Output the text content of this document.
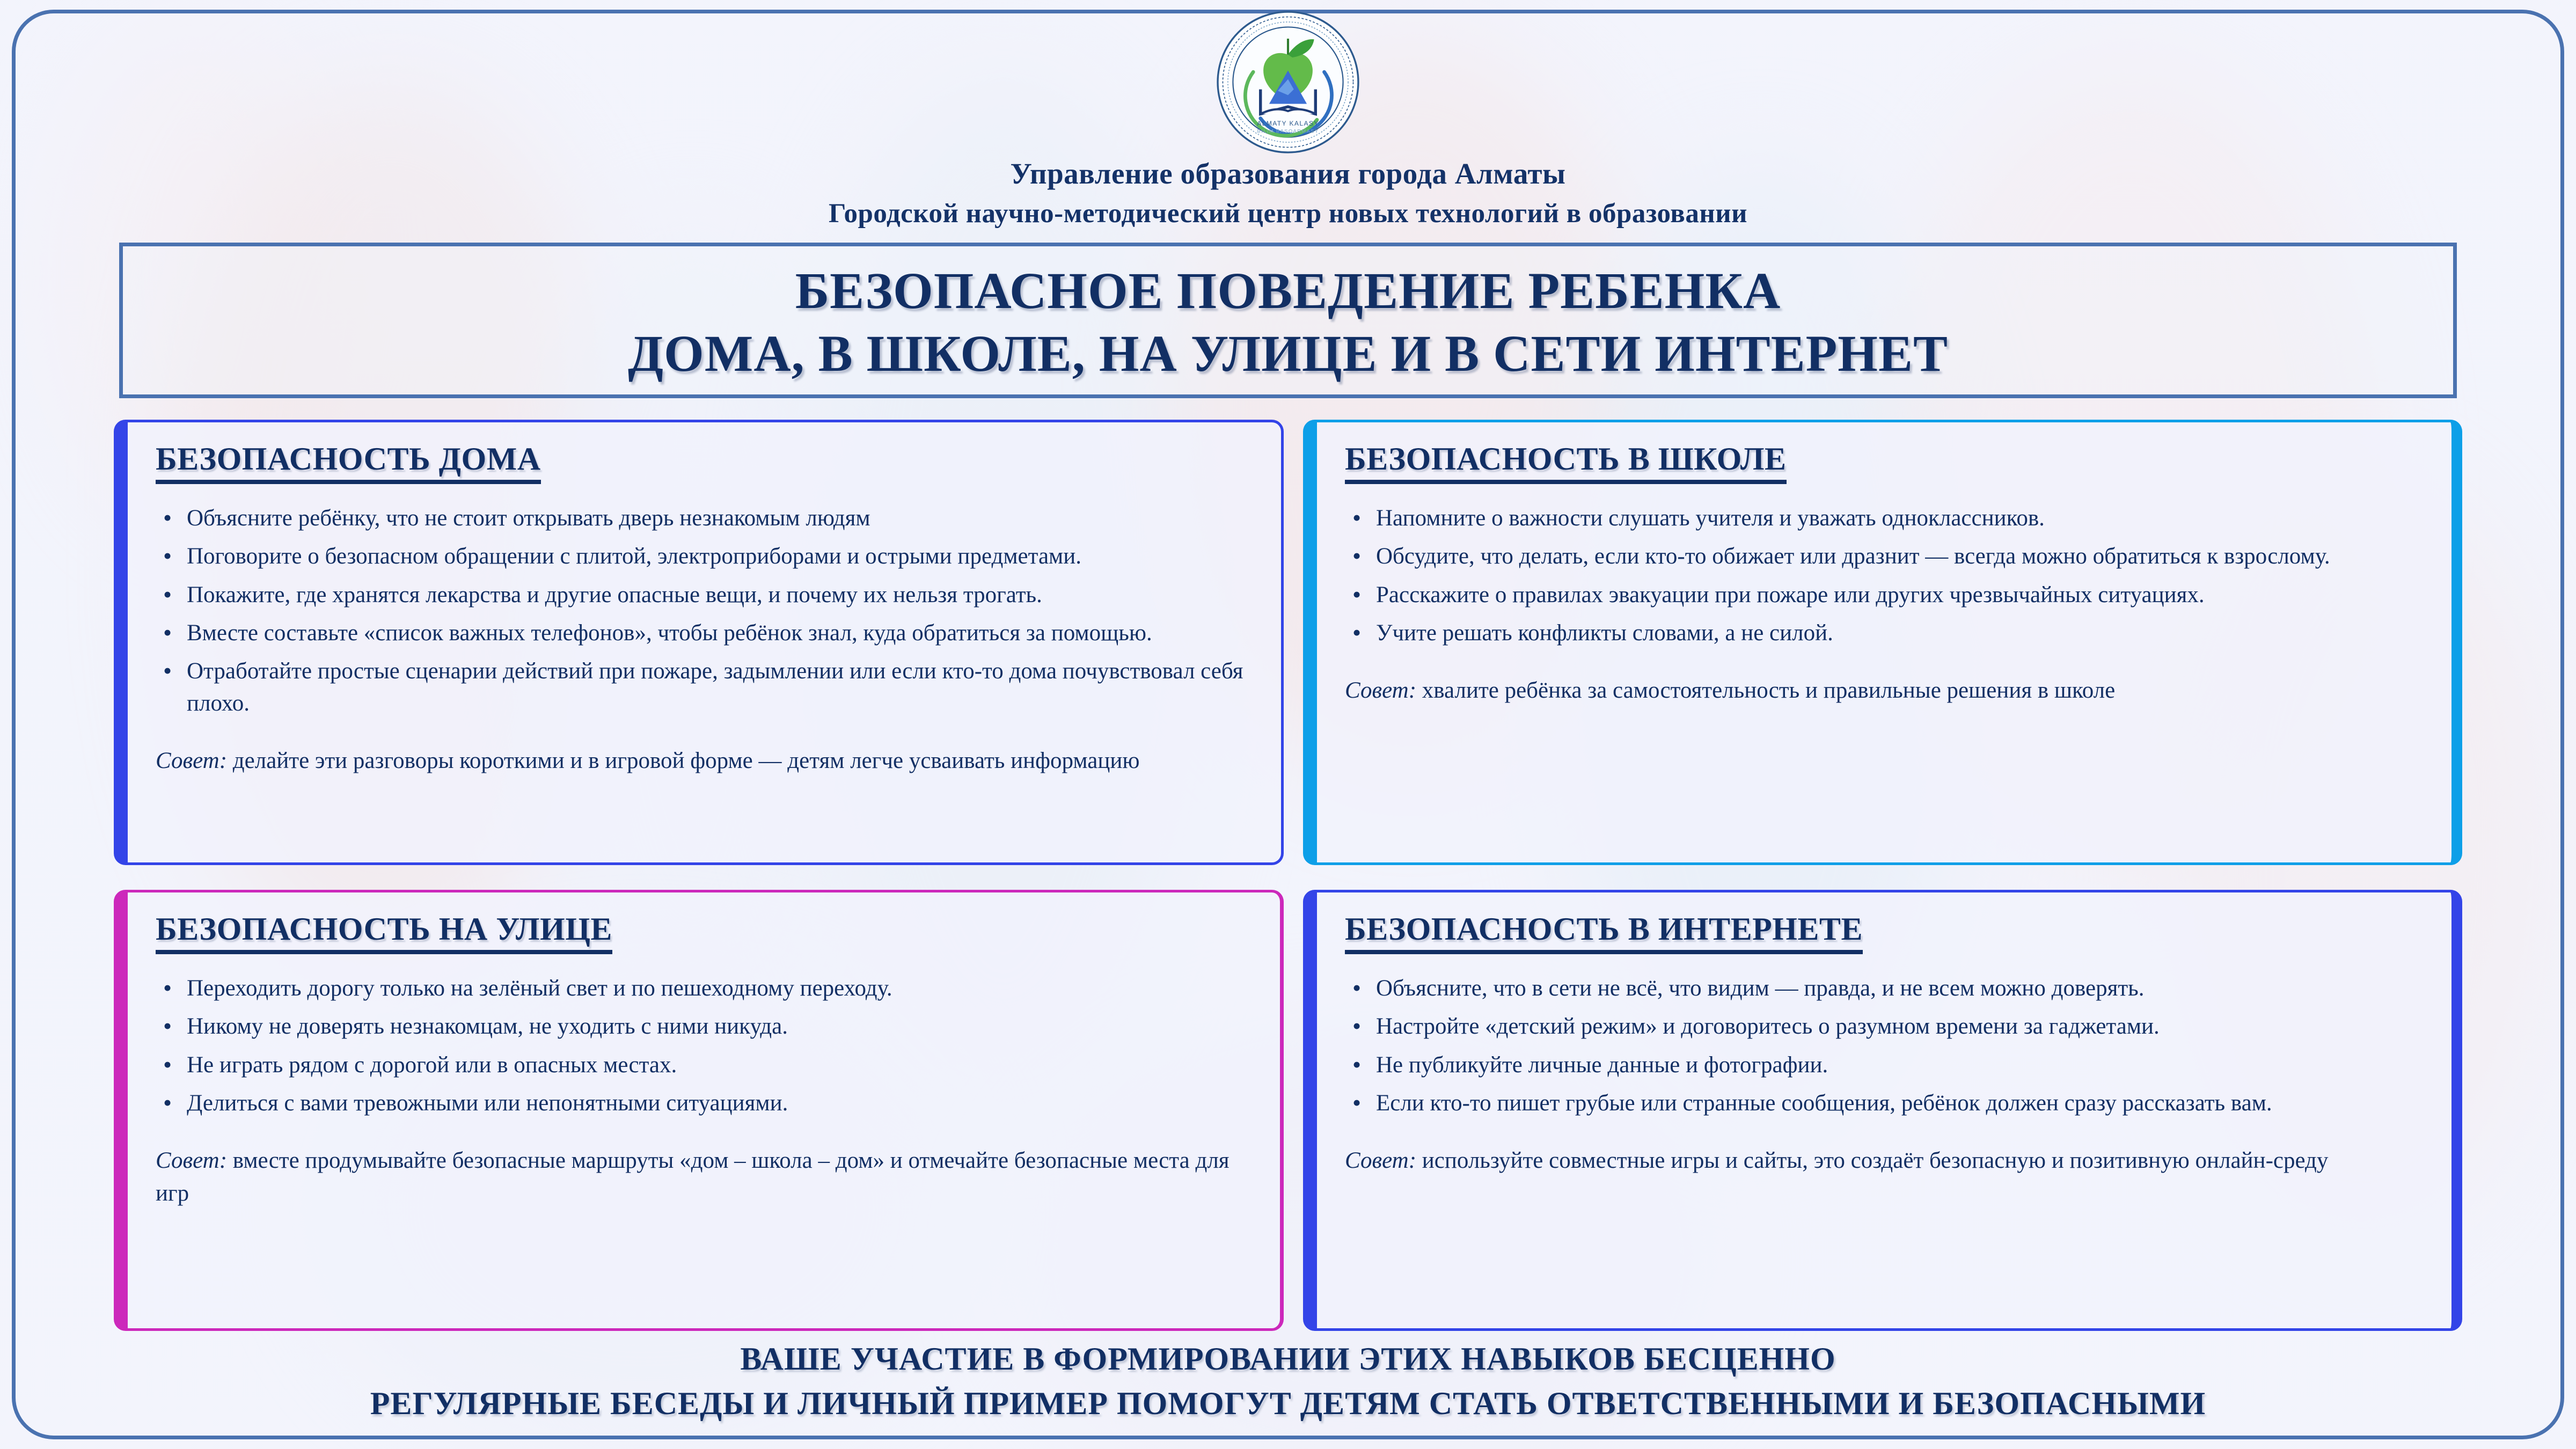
ALMATY KALASY
BILIM BASQARMASY
Управление образования города Алматы
Городской научно-методический центр новых технологий в образовании
БЕЗОПАСНОЕ ПОВЕДЕНИЕ РЕБЕНКА
ДОМА, В ШКОЛЕ, НА УЛИЦЕ И В СЕТИ ИНТЕРНЕТ
БЕЗОПАСНОСТЬ ДОМА
• Объясните ребёнку, что не стоит открывать дверь незнакомым людям
• Поговорите о безопасном обращении с плитой, электроприборами и острыми предметами.
• Покажите, где хранятся лекарства и другие опасные вещи, и почему их нельзя трогать.
• Вместе составьте «список важных телефонов», чтобы ребёнок знал, куда обратиться за помощью.
• Отработайте простые сценарии действий при пожаре, задымлении или если кто-то дома почувствовал себя плохо.

Совет: делайте эти разговоры короткими и в игровой форме — детям легче усваивать информацию

БЕЗОПАСНОСТЬ В ШКОЛЕ
• Напомните о важности слушать учителя и уважать одноклассников.
• Обсудите, что делать, если кто-то обижает или дразнит — всегда можно обратиться к взрослому.
• Расскажите о правилах эвакуации при пожаре или других чрезвычайных ситуациях.
• Учите решать конфликты словами, а не силой.

Совет: хвалите ребёнка за самостоятельность и правильные решения в школе

БЕЗОПАСНОСТЬ НА УЛИЦЕ
• Переходить дорогу только на зелёный свет и по пешеходному переходу.
• Никому не доверять незнакомцам, не уходить с ними никуда.
• Не играть рядом с дорогой или в опасных местах.
• Делиться с вами тревожными или непонятными ситуациями.

Совет: вместе продумывайте безопасные маршруты «дом – школа – дом» и отмечайте безопасные места для игр

БЕЗОПАСНОСТЬ В ИНТЕРНЕТЕ
• Объясните, что в сети не всё, что видим — правда, и не всем можно доверять.
• Настройте «детский режим» и договоритесь о разумном времени за гаджетами.
• Не публикуйте личные данные и фотографии.
• Если кто-то пишет грубые или странные сообщения, ребёнок должен сразу рассказать вам.

Совет: используйте совместные игры и сайты, это создаёт безопасную и позитивную онлайн-среду

ВАШЕ УЧАСТИЕ В ФОРМИРОВАНИИ ЭТИХ НАВЫКОВ БЕСЦЕННО
РЕГУЛЯРНЫЕ БЕСЕДЫ И ЛИЧНЫЙ ПРИМЕР ПОМОГУТ ДЕТЯМ СТАТЬ ОТВЕТСТВЕННЫМИ И БЕЗОПАСНЫМИ
